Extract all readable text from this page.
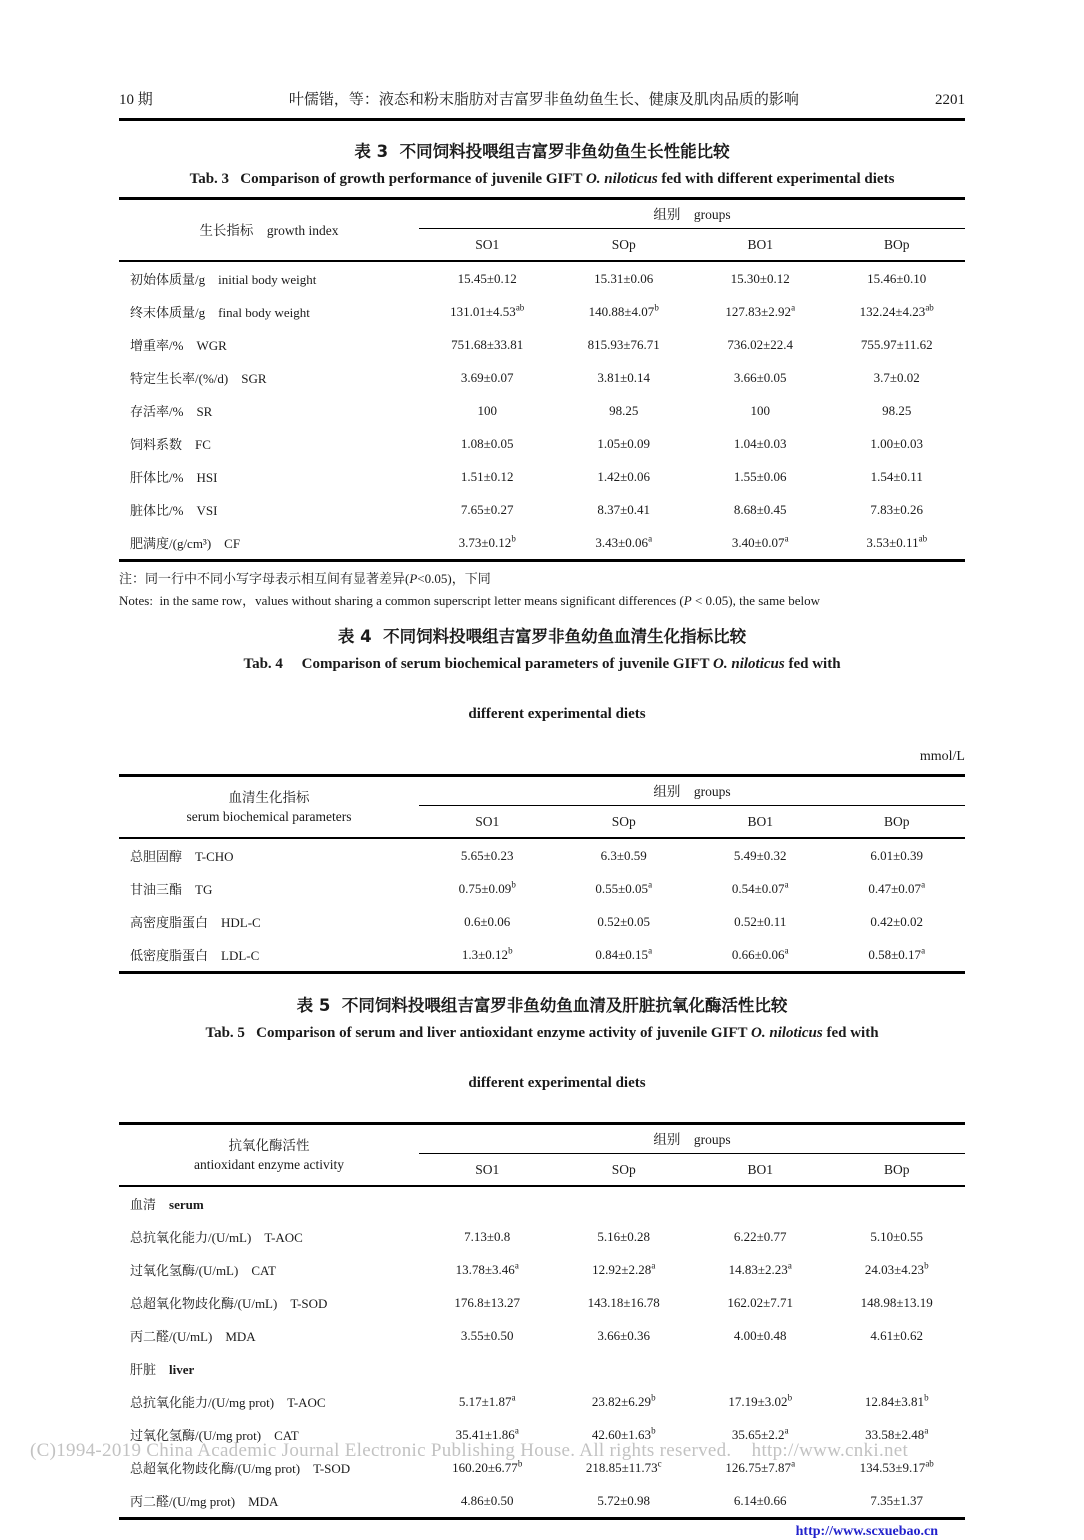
10 期	叶儒锴，等：液态和粉末脂肪对吉富罗非鱼幼鱼生长、健康及肌肉品质的影响	2201
表 3  不同饲料投喂组吉富罗非鱼幼鱼生长性能比较
Tab. 3   Comparison of growth performance of juvenile GIFT O. niloticus fed with different experimental diets
生长指标    growth index
组别    groups
SO1	SOp	BO1	BOp
初始体质量/g initial body weight	15.45±0.12	15.31±0.06	15.30±0.12	15.46±0.10
终末体质量/g final body weight	131.01±4.53$^{ab}$	140.88±4.07$^b$	127.83±2.92$^a$	132.24±4.23$^{ab}$
增重率/% WGR	751.68±33.81	815.93±76.71	736.02±22.4	755.97±11.62
特定生长率/(%/d) SGR	3.69±0.07	3.81±0.14	3.66±0.05	3.7±0.02
存活率/% SR	100	98.25	100	98.25
饲料系数 FC	1.08±0.05	1.05±0.09	1.04±0.03	1.00±0.03
肝体比/% HSI	1.51±0.12	1.42±0.06	1.55±0.06	1.54±0.11
脏体比/% VSI	7.65±0.27	8.37±0.41	8.68±0.45	7.83±0.26
肥满度/(g/cm³) CF	3.73±0.12$^b$	3.43±0.06$^a$	3.40±0.07$^a$	3.53±0.11$^{ab}$
注：同一行中不同小写字母表示相互间有显著差异(P<0.05)，下同
Notes:  in the same row，values without sharing a common superscript letter means significant differences (P < 0.05), the same below
表 4  不同饲料投喂组吉富罗非鱼幼鱼血清生化指标比较
Tab. 4     Comparison of serum biochemical parameters of juvenile GIFT O. niloticus fed with

different experimental diets

mmol/L

血清生化指标
serum biochemical parameters
组别    groups
SO1	SOp	BO1	BOp
总胆固醇 T-CHO	5.65±0.23	6.3±0.59	5.49±0.32	6.01±0.39
甘油三酯 TG	0.75±0.09$^b$	0.55±0.05$^a$	0.54±0.07$^a$	0.47±0.07$^a$
高密度脂蛋白 HDL-C	0.6±0.06	0.52±0.05	0.52±0.11	0.42±0.02
低密度脂蛋白 LDL-C	1.3±0.12$^b$	0.84±0.15$^a$	0.66±0.06$^a$	0.58±0.17$^a$
表 5  不同饲料投喂组吉富罗非鱼幼鱼血清及肝脏抗氧化酶活性比较
Tab. 5   Comparison of serum and liver antioxidant enzyme activity of juvenile GIFT O. niloticus fed with

different experimental diets

抗氧化酶活性
antioxidant enzyme activity
组别    groups
SO1	SOp	BO1	BOp
血清 serum
总抗氧化能力/(U/mL) T-AOC	7.13±0.8	5.16±0.28	6.22±0.77	5.10±0.55
过氧化氢酶/(U/mL) CAT	13.78±3.46$^a$	12.92±2.28$^a$	14.83±2.23$^a$	24.03±4.23$^b$
总超氧化物歧化酶/(U/mL) T-SOD	176.8±13.27	143.18±16.78	162.02±7.71	148.98±13.19
丙二醛/(U/mL) MDA	3.55±0.50	3.66±0.36	4.00±0.48	4.61±0.62
肝脏 liver
总抗氧化能力/(U/mg prot) T-AOC	5.17±1.87$^a$	23.82±6.29$^b$	17.19±3.02$^b$	12.84±3.81$^b$
过氧化氢酶/(U/mg prot) CAT	35.41±1.86$^a$	42.60±1.63$^b$	35.65±2.2$^a$	33.58±2.48$^a$
总超氧化物歧化酶/(U/mg prot) T-SOD	160.20±6.77$^b$	218.85±11.73$^c$	126.75±7.87$^a$	134.53±9.17$^{ab}$
丙二醛/(U/mg prot) MDA	4.86±0.50	5.72±0.98	6.14±0.66	7.35±1.37
http://www.scxuebao.cn
(C)1994-2019 China Academic Journal Electronic Publishing House. All rights reserved.    http://www.cnki.net
